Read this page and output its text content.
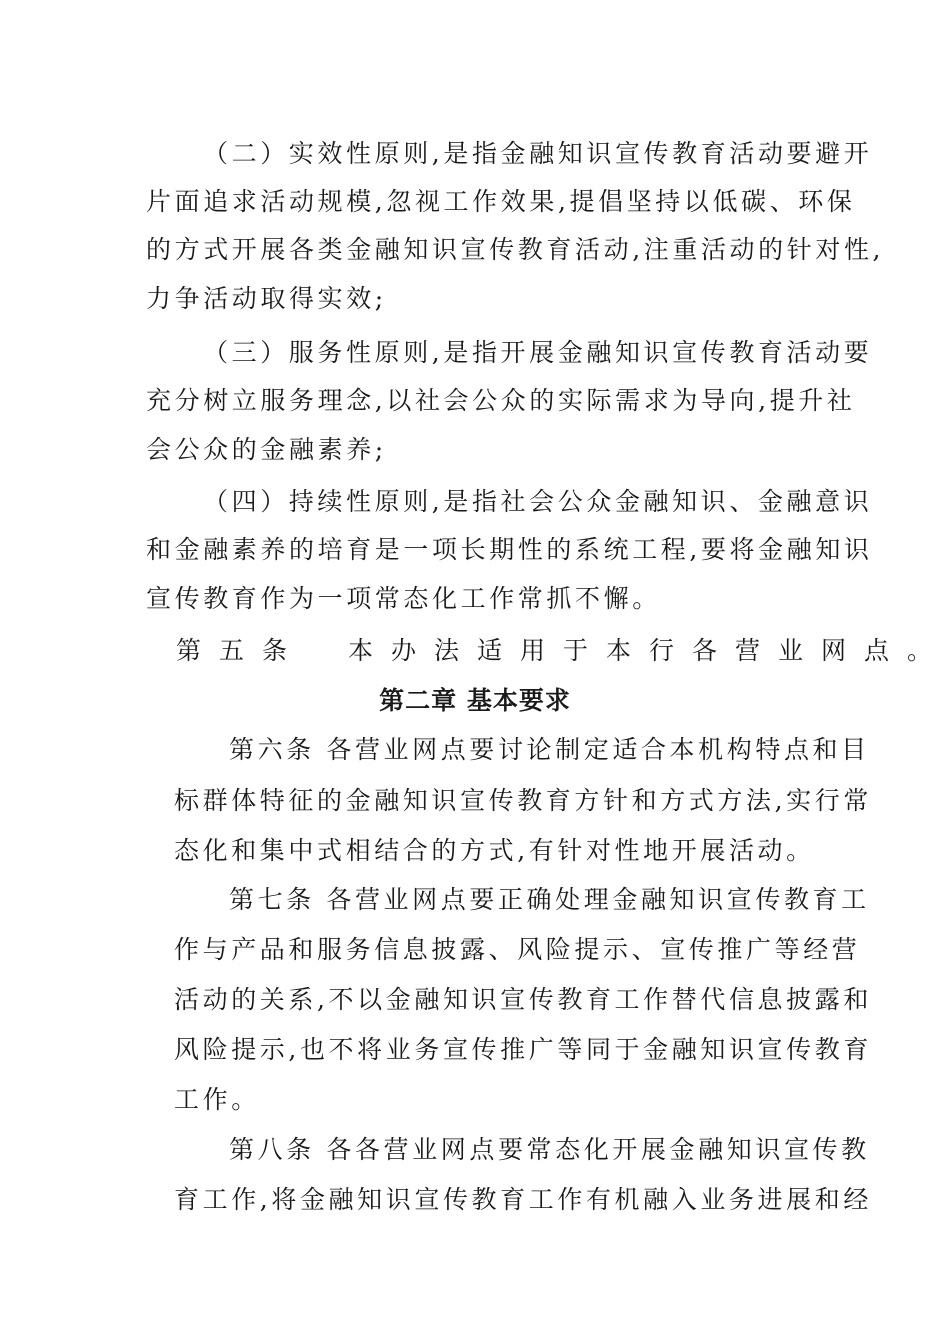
（二）实效性原则,是指金融知识宣传教育活动要避开
片面追求活动规模,忽视工作效果,提倡坚持以低碳、环保
的方式开展各类金融知识宣传教育活动,注重活动的针对性,
力争活动取得实效;
（三）服务性原则,是指开展金融知识宣传教育活动要
充分树立服务理念,以社会公众的实际需求为导向,提升社
会公众的金融素养;
（四）持续性原则,是指社会公众金融知识、金融意识
和金融素养的培育是一项长期性的系统工程,要将金融知识
宣传教育作为一项常态化工作常抓不懈。
第五条　本办法适用于本行各营业网点。
第二章 基本要求
第六条 各营业网点要讨论制定适合本机构特点和目
标群体特征的金融知识宣传教育方针和方式方法,实行常
态化和集中式相结合的方式,有针对性地开展活动。
第七条 各营业网点要正确处理金融知识宣传教育工
作与产品和服务信息披露、风险提示、宣传推广等经营
活动的关系,不以金融知识宣传教育工作替代信息披露和
风险提示,也不将业务宣传推广等同于金融知识宣传教育
工作。
第八条 各各营业网点要常态化开展金融知识宣传教
育工作,将金融知识宣传教育工作有机融入业务进展和经
